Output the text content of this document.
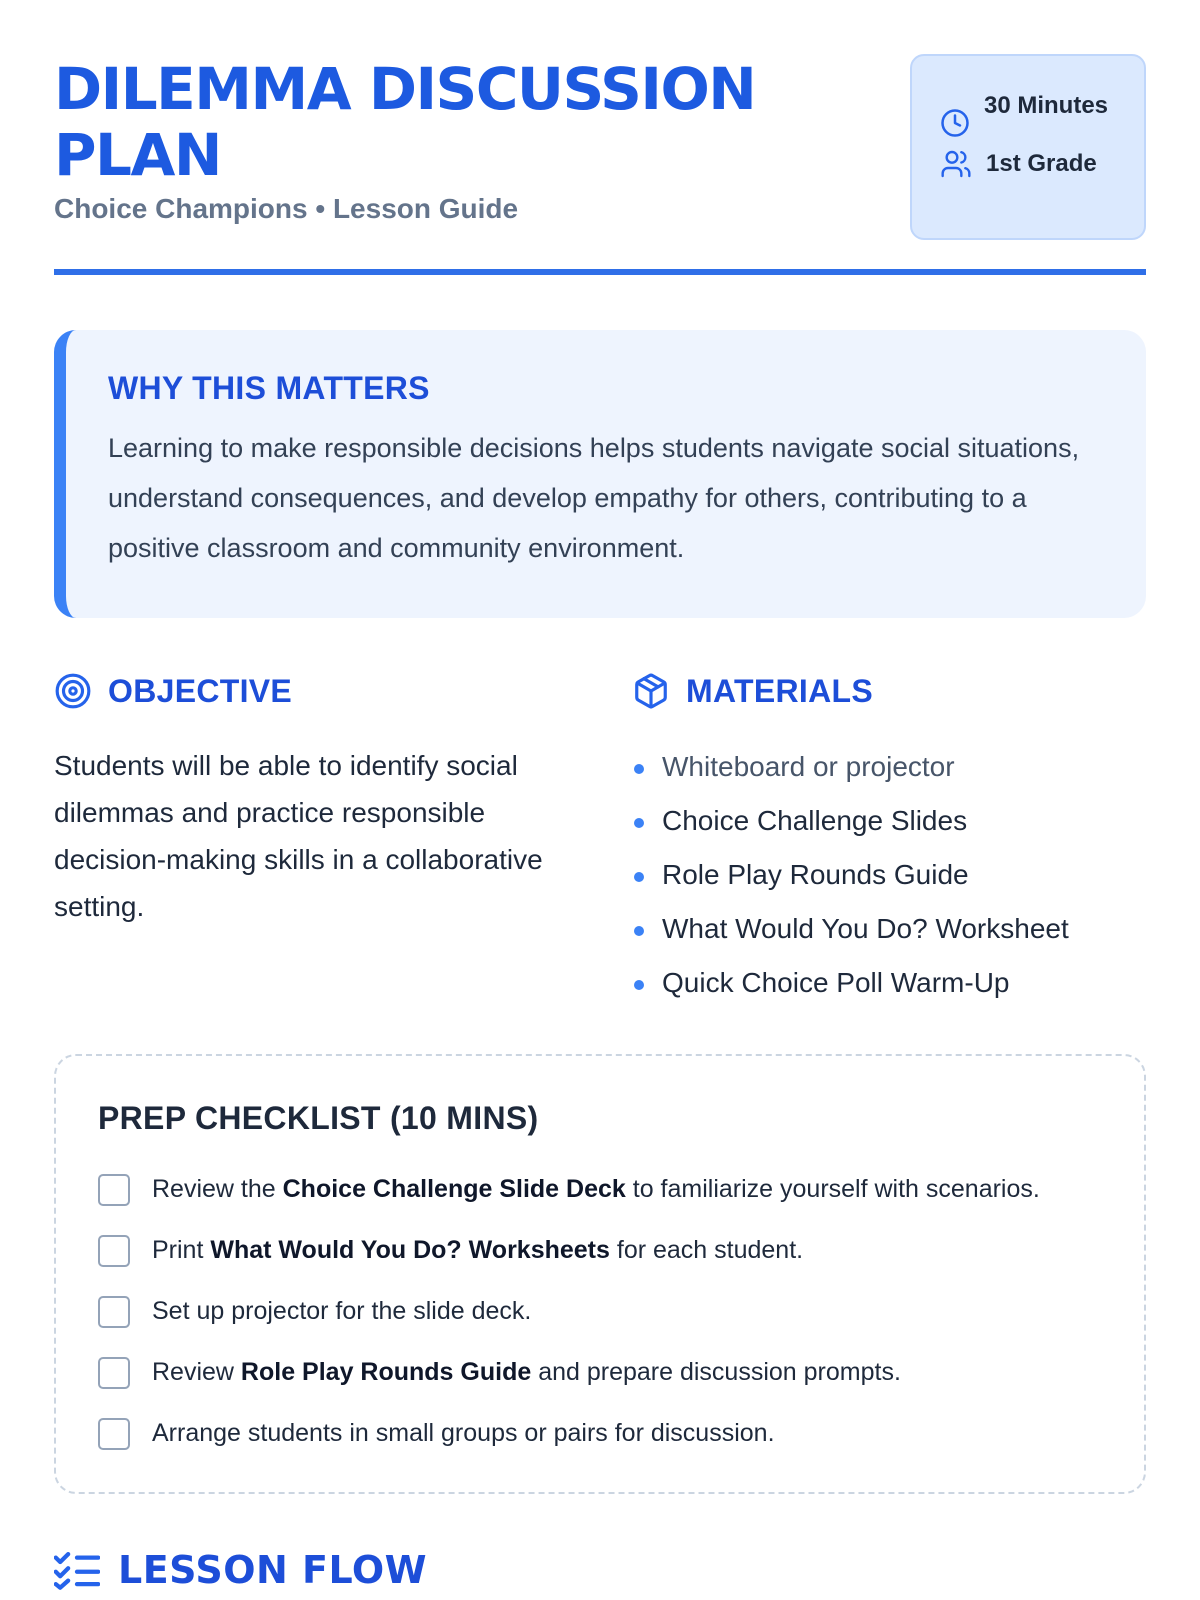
DILEMMA DISCUSSION PLAN
Choice Champions • Lesson Guide
30 Minutes
1st Grade
WHY THIS MATTERS

Learning to make responsible decisions helps students navigate social situations, understand consequences, and develop empathy for others, contributing to a positive classroom and community environment.

OBJECTIVE

Students will be able to identify social dilemmas and practice responsible decision-making skills in a collaborative setting.

MATERIALS
Whiteboard or projector
Choice Challenge Slides
Role Play Rounds Guide
What Would You Do? Worksheet
Quick Choice Poll Warm-Up
PREP CHECKLIST (10 MINS)
Review the Choice Challenge Slide Deck to familiarize yourself with scenarios.
Print What Would You Do? Worksheets for each student.
Set up projector for the slide deck.
Review Role Play Rounds Guide and prepare discussion prompts.
Arrange students in small groups or pairs for discussion.
LESSON FLOW
